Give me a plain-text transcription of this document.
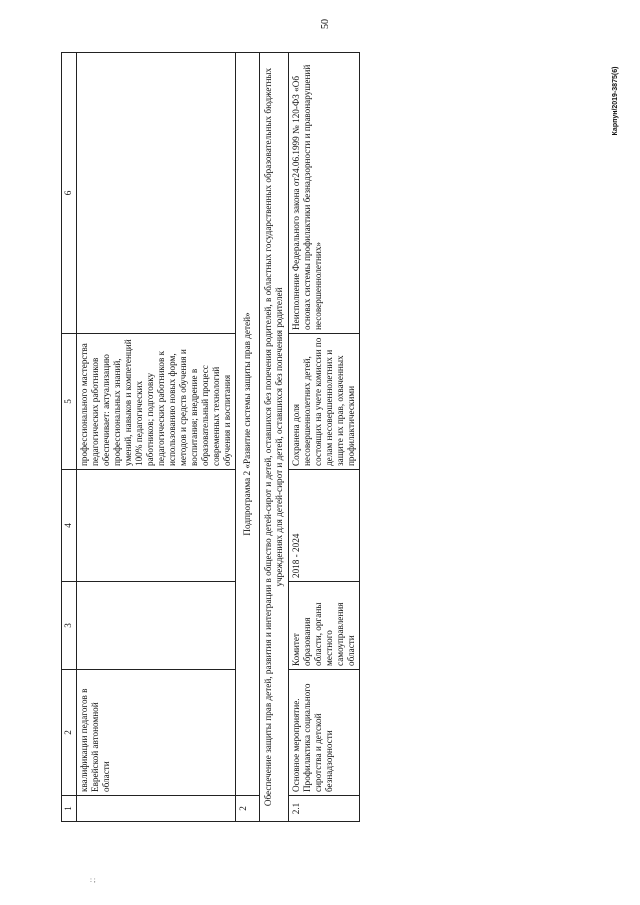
50
Карпун/2019-3875(6)
: ;
1	2	3	4	5	6
	квалификации педагогов в Еврейской автономной области			профессионального мастерства педагогических работников обеспечивает: актуализацию профессиональных знаний, умений, навыков и компетенций 100% педагогических работников; подготовку педагогических работников к использованию новых форм, методов и средств обучения и воспитания; внедрение в образовательный процесс современных технологий обучения и воспитания	
2	Подпрограмма 2 «Развитие системы защиты прав детей»				
Обеспечение защиты прав детей, развития и интеграции в общество детей-сирот и детей, оставшихся без попечения родителей, в областных государственных образовательных бюджетных учреждениях для детей-сирот и детей, оставшихся без попечения родителей					
2.1	Основное мероприятие. Профилактика социального сиротства и детской безнадзорности	Комитет образования области, органы местного самоуправления области	2018 - 2024	Сохранена доля несовершеннолетних детей, состоящих на учете комиссии по делам несовершеннолетних и защите их прав, охваченных профилактическими	Неисполнение Федерального закона от24.06.1999 № 120-ФЗ «Об основах системы профилактики безнадзорности и правонарушений несовершеннолетних»
